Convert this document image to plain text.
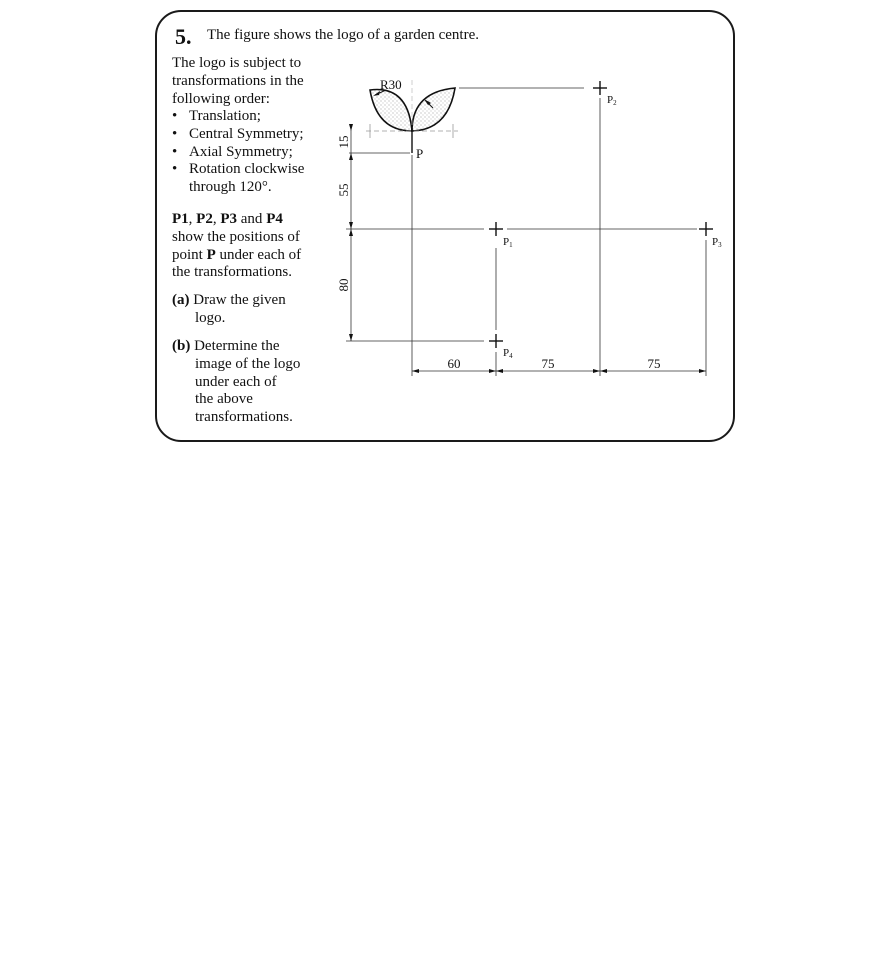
5. The figure shows the logo of a garden centre.
The logo is subject to
transformations in the
following order:
• Translation;
• Central Symmetry;
• Axial Symmetry;
• Rotation clockwise
through 120°.
P1, P2, P3 and P4
show the positions of
point P under each of
the transformations.
(a) Draw the given
logo.
(b) Determine the
image of the logo
under each of
the above
transformations.
R30
15
55
80
60	75	75
P
P2
P1	P3
P4
